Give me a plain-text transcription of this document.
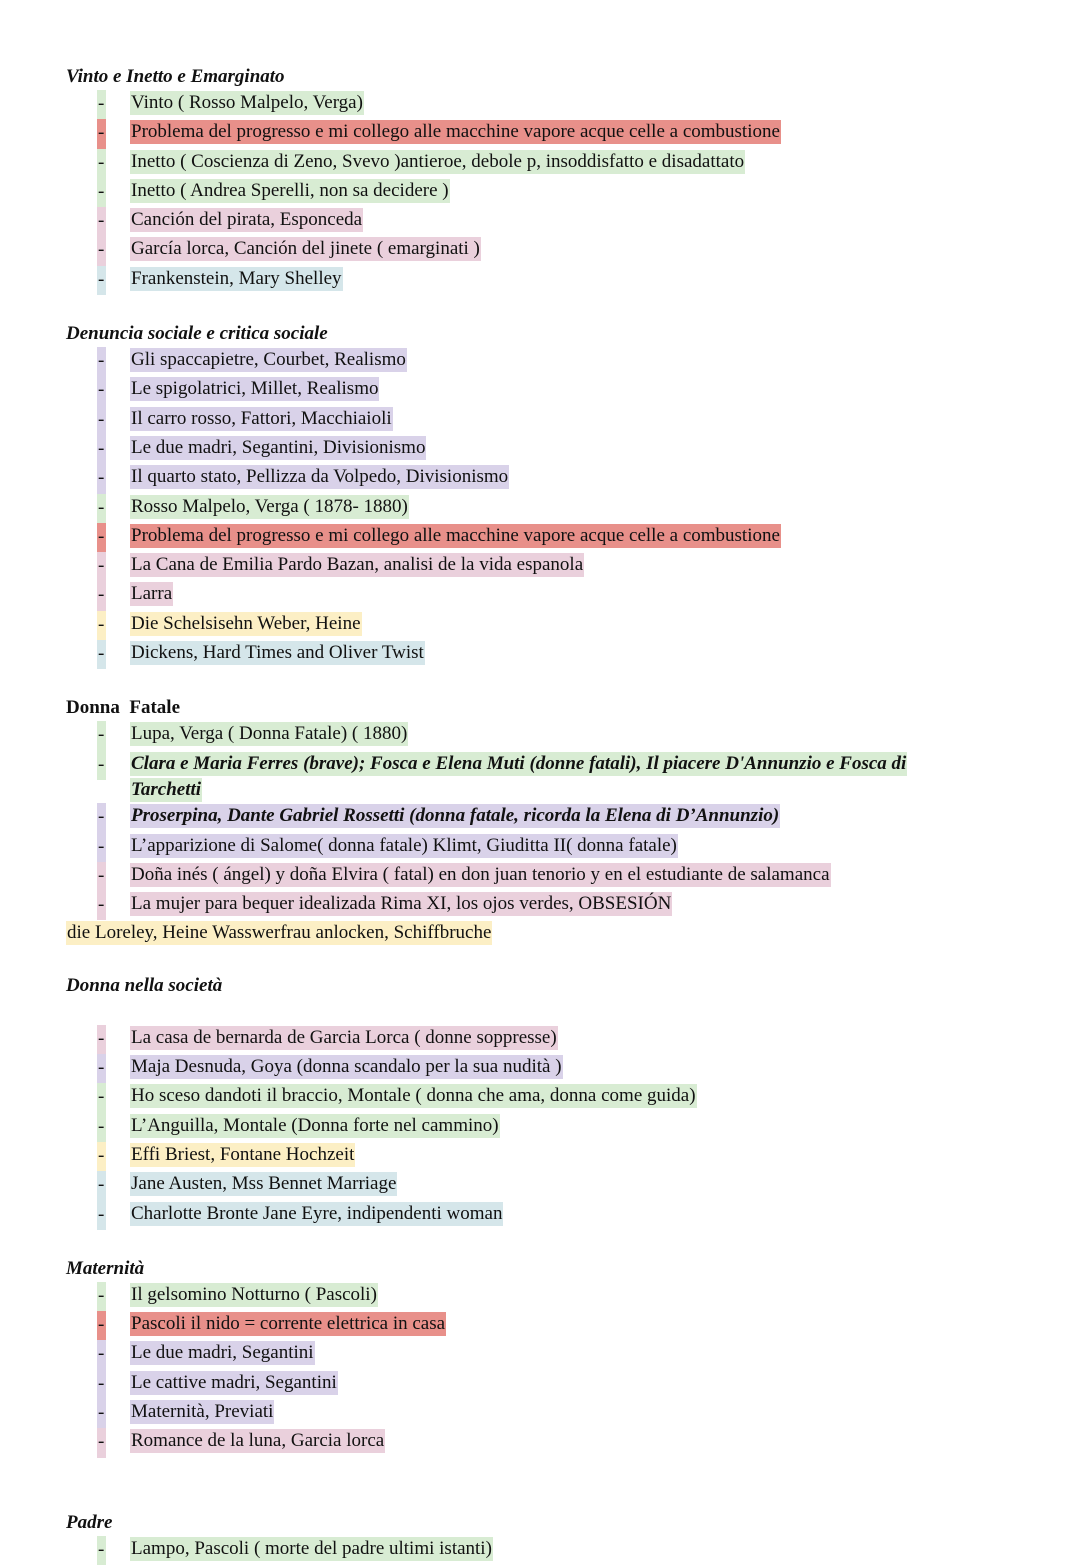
Vinto e Inetto e Emarginato
-	Vinto ( Rosso Malpelo, Verga)
-	Problema del progresso e mi collego alle macchine vapore acque celle a combustione
-	Inetto ( Coscienza di Zeno, Svevo )antieroe, debole p, insoddisfatto e disadattato
-	Inetto ( Andrea Sperelli, non sa decidere )
-	Canción del pirata, Esponceda
-	García lorca, Canción del jinete ( emarginati )
-	Frankenstein, Mary Shelley
Denuncia sociale e critica sociale
-	Gli spaccapietre, Courbet, Realismo
-	Le spigolatrici, Millet, Realismo
-	Il carro rosso, Fattori, Macchiaioli
-	Le due madri, Segantini, Divisionismo
-	Il quarto stato, Pellizza da Volpedo, Divisionismo
-	Rosso Malpelo, Verga ( 1878- 1880)
-	Problema del progresso e mi collego alle macchine vapore acque celle a combustione
-	La Cana de Emilia Pardo Bazan, analisi de la vida espanola
-	Larra
-	Die Schelsisehn Weber, Heine
-	Dickens, Hard Times and Oliver Twist
Donna  Fatale
-	Lupa, Verga ( Donna Fatale) ( 1880)
-	Clara e Maria Ferres (brave); Fosca e Elena Muti (donne fatali), Il piacere D'Annunzio e Fosca di Tarchetti
-	Proserpina, Dante Gabriel Rossetti (donna fatale, ricorda la Elena di D’Annunzio)
-	L’apparizione di Salome( donna fatale) Klimt, Giuditta II( donna fatale)
-	Doña inés ( ángel) y doña Elvira ( fatal) en don juan tenorio y en el estudiante de salamanca
-	La mujer para bequer idealizada Rima XI, los ojos verdes, OBSESIÓN
die Loreley, Heine Wasswerfrau anlocken, Schiffbruche
Donna nella società
-	La casa de bernarda de Garcia Lorca ( donne soppresse)
-	Maja Desnuda, Goya (donna scandalo per la sua nudità )
-	Ho sceso dandoti il braccio, Montale ( donna che ama, donna come guida)
-	L’Anguilla, Montale (Donna forte nel cammino)
-	Effi Briest, Fontane Hochzeit
-	Jane Austen, Mss Bennet Marriage
-	Charlotte Bronte Jane Eyre, indipendenti woman
Maternità
-	Il gelsomino Notturno ( Pascoli)
-	Pascoli il nido = corrente elettrica in casa
-	Le due madri, Segantini
-	Le cattive madri, Segantini
-	Maternità, Previati
-	Romance de la luna, Garcia lorca
Padre
-	Lampo, Pascoli ( morte del padre ultimi istanti)
